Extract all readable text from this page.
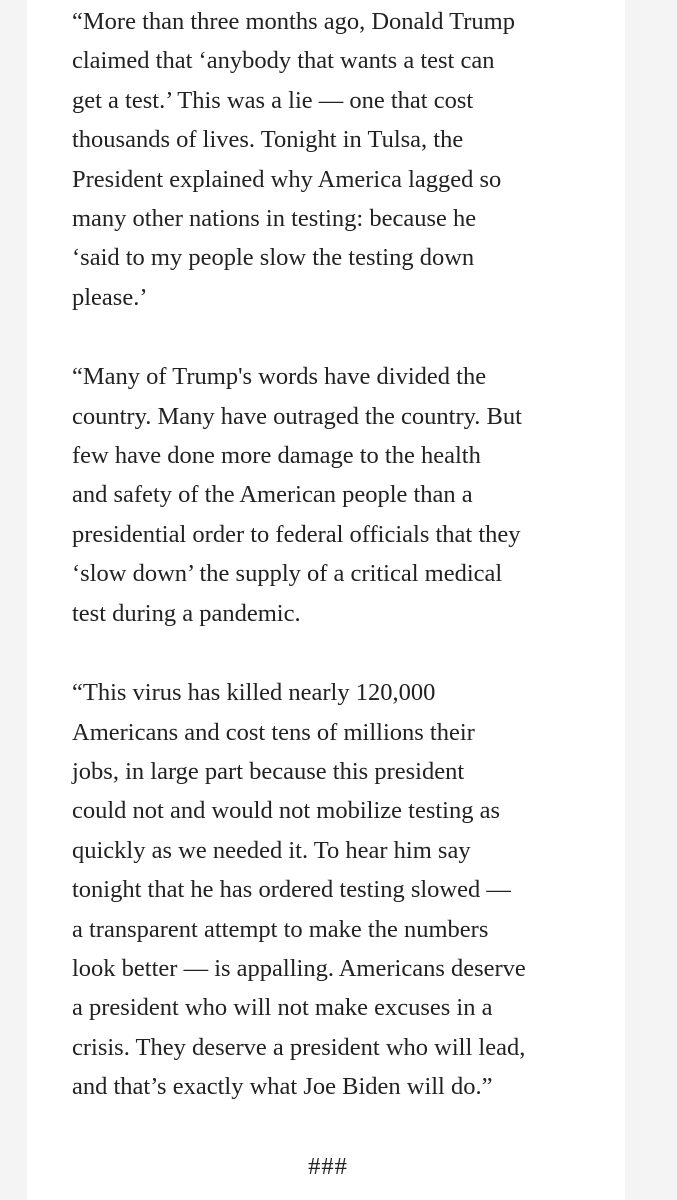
“More than three months ago, Donald Trump
claimed that ‘anybody that wants a test can
get a test.’ This was a lie — one that cost
thousands of lives. Tonight in Tulsa, the
President explained why America lagged so
many other nations in testing: because he
‘said to my people slow the testing down
please.’

“Many of Trump's words have divided the
country. Many have outraged the country. But
few have done more damage to the health
and safety of the American people than a
presidential order to federal officials that they
‘slow down’ the supply of a critical medical
test during a pandemic.

“This virus has killed nearly 120,000
Americans and cost tens of millions their
jobs, in large part because this president
could not and would not mobilize testing as
quickly as we needed it. To hear him say
tonight that he has ordered testing slowed —
a transparent attempt to make the numbers
look better — is appalling. Americans deserve
a president who will not make excuses in a
crisis. They deserve a president who will lead,
and that’s exactly what Joe Biden will do.”

###
